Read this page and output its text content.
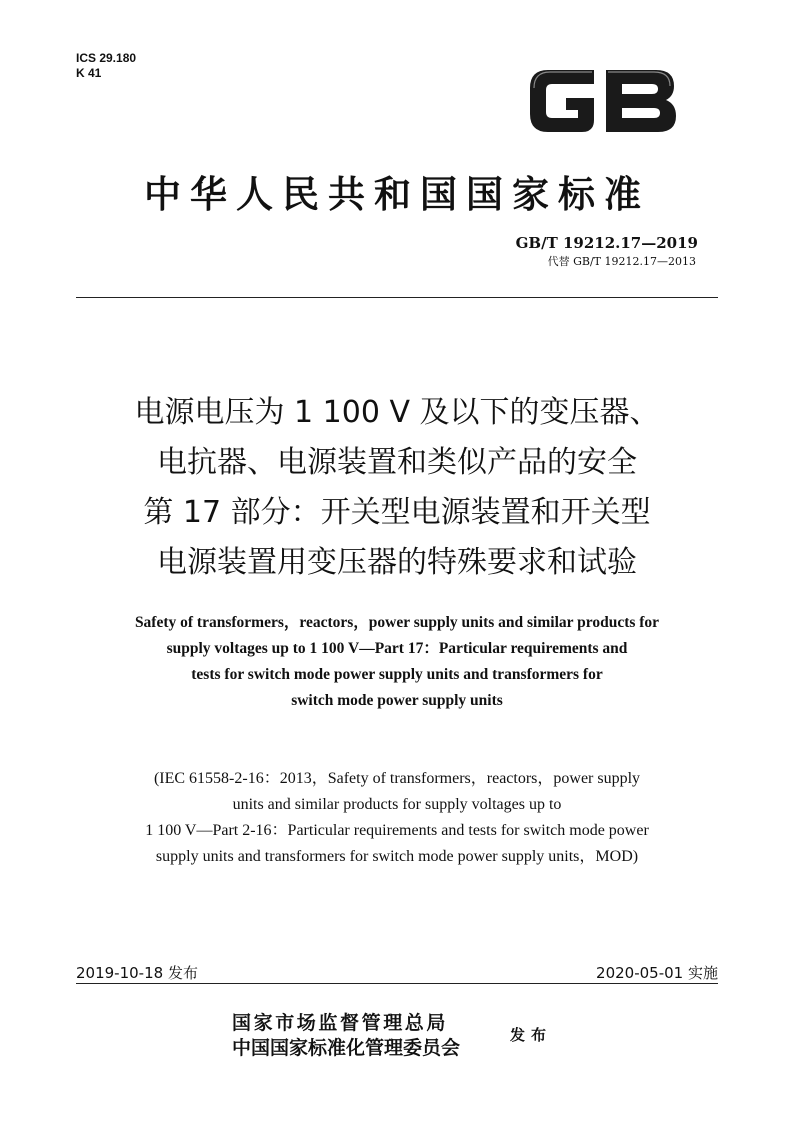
ICS 29.180
K 41
中华人民共和国国家标准
GB/T 19212.17—2019
代替 GB/T 19212.17—2013
电源电压为 1 100 V 及以下的变压器、
电抗器、电源装置和类似产品的安全
第 17 部分：开关型电源装置和开关型
电源装置用变压器的特殊要求和试验
Safety of transformers，reactors，power supply units and similar products for
supply voltages up to 1 100 V—Part 17：Particular requirements and
tests for switch mode power supply units and transformers for
switch mode power supply units
(IEC 61558-2-16：2013，Safety of transformers，reactors，power supply
units and similar products for supply voltages up to
1 100 V—Part 2-16：Particular requirements and tests for switch mode power
supply units and transformers for switch mode power supply units，MOD)
2019-10-18 发布	2020-05-01 实施
国家市场监督管理总局
中国国家标准化管理委员会
发布
